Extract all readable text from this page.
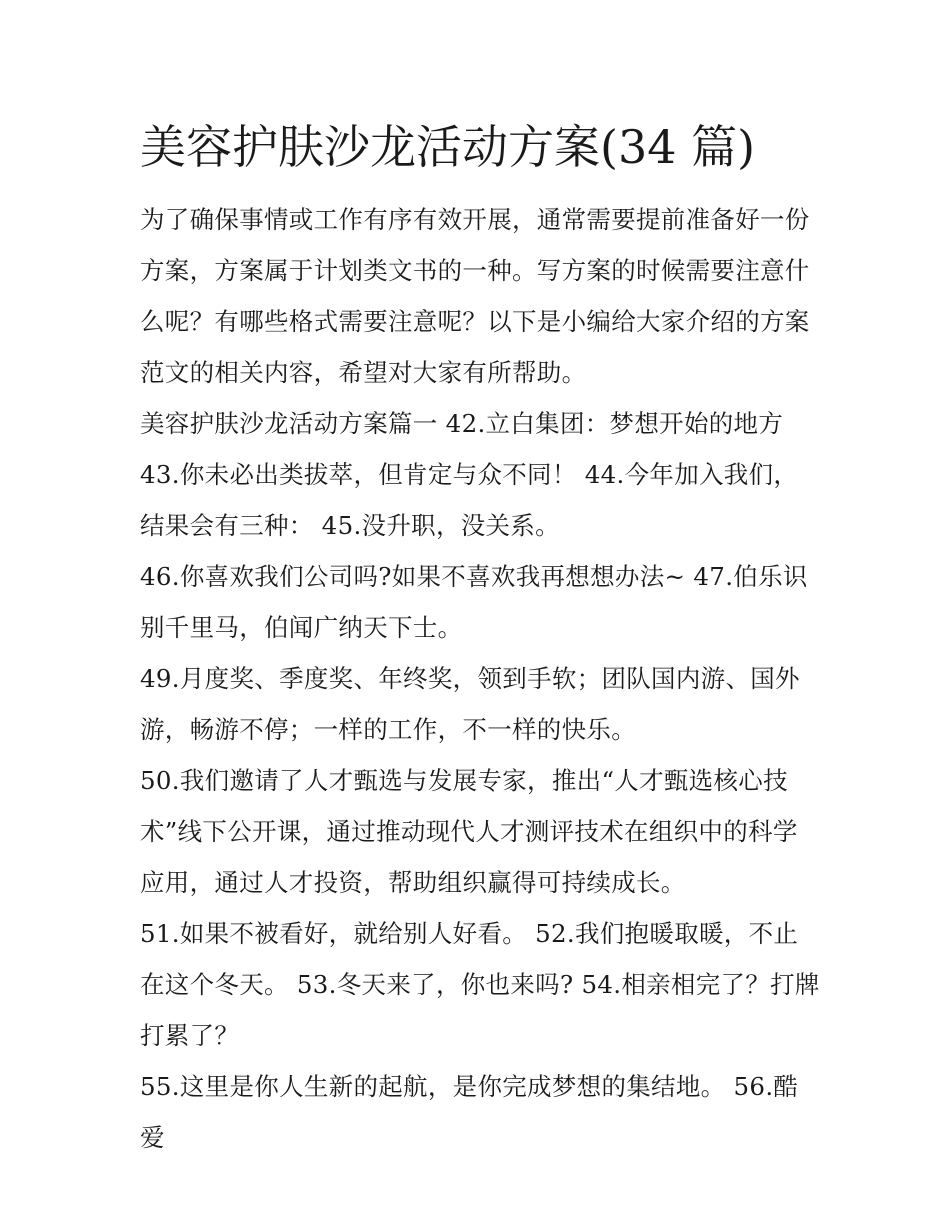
美容护肤沙龙活动方案(34 篇)

为了确保事情或工作有序有效开展，通常需要提前准备好一份方案，方案属于计划类文书的一种。写方案的时候需要注意什么呢？有哪些格式需要注意呢？以下是小编给大家介绍的方案范文的相关内容，希望对大家有所帮助。

美容护肤沙龙活动方案篇一 42.立白集团：梦想开始的地方 43.你未必出类拔萃，但肯定与众不同！ 44.今年加入我们，结果会有三种： 45.没升职，没关系。

46.你喜欢我们公司吗?如果不喜欢我再想想办法~ 47.伯乐识别千里马，伯闻广纳天下士。

49.月度奖、季度奖、年终奖，领到手软；团队国内游、国外游，畅游不停；一样的工作，不一样的快乐。

50.我们邀请了人才甄选与发展专家，推出“人才甄选核心技术”线下公开课，通过推动现代人才测评技术在组织中的科学应用，通过人才投资，帮助组织赢得可持续成长。

51.如果不被看好，就给别人好看。 52.我们抱暖取暖，不止在这个冬天。 53.冬天来了，你也来吗? 54.相亲相完了？打牌打累了？

55.这里是你人生新的起航，是你完成梦想的集结地。 56.酷爱
